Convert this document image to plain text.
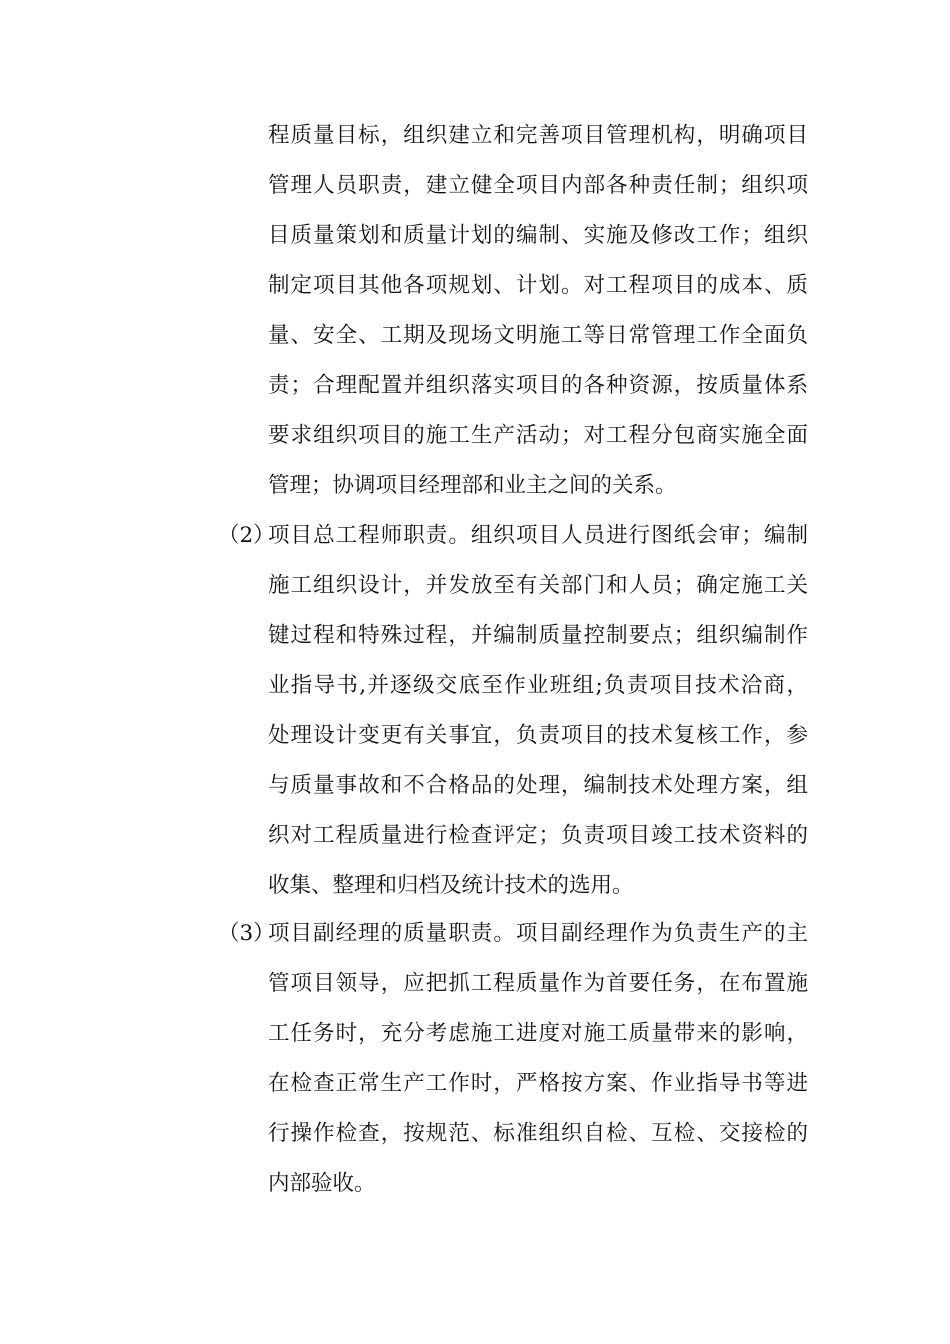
程质量目标，组织建立和完善项目管理机构，明确项目
管理人员职责，建立健全项目内部各种责任制；组织项
目质量策划和质量计划的编制、实施及修改工作；组织
制定项目其他各项规划、计划。对工程项目的成本、质
量、安全、工期及现场文明施工等日常管理工作全面负
责；合理配置并组织落实项目的各种资源，按质量体系
要求组织项目的施工生产活动；对工程分包商实施全面
管理；协调项目经理部和业主之间的关系。
（2）
项目总工程师职责。组织项目人员进行图纸会审；编制
施工组织设计，并发放至有关部门和人员；确定施工关
键过程和特殊过程，并编制质量控制要点；组织编制作
业指导书,并逐级交底至作业班组;负责项目技术洽商，
处理设计变更有关事宜，负责项目的技术复核工作，参
与质量事故和不合格品的处理，编制技术处理方案，组
织对工程质量进行检查评定；负责项目竣工技术资料的
收集、整理和归档及统计技术的选用。
（3）
项目副经理的质量职责。项目副经理作为负责生产的主
管项目领导，应把抓工程质量作为首要任务，在布置施
工任务时，充分考虑施工进度对施工质量带来的影响，
在检查正常生产工作时，严格按方案、作业指导书等进
行操作检查，按规范、标准组织自检、互检、交接检的
内部验收。
